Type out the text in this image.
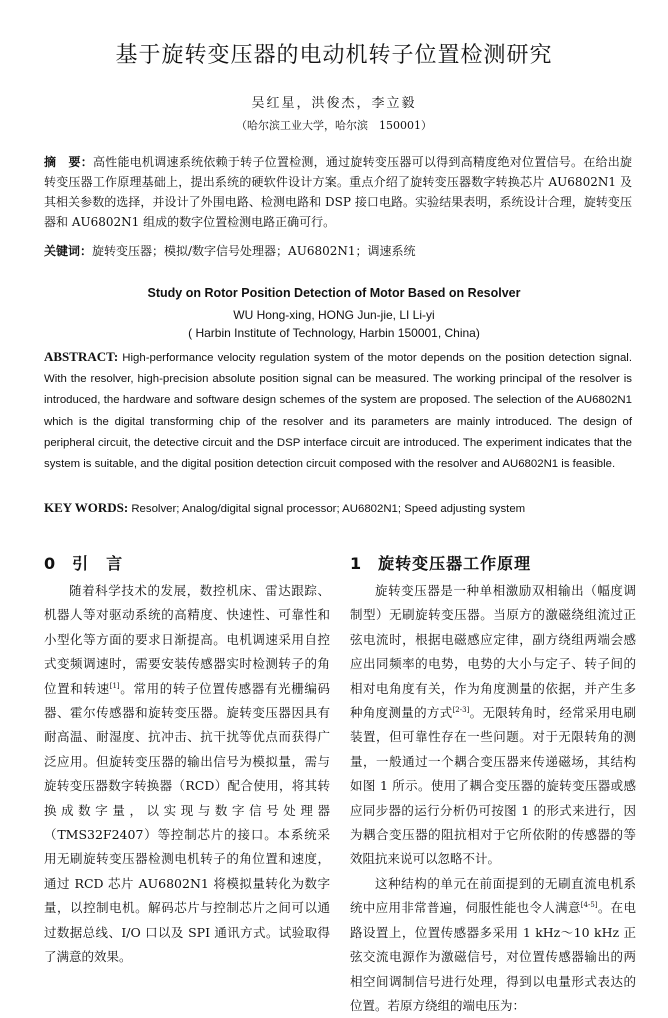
基于旋转变压器的电动机转子位置检测研究
吴红星，洪俊杰，李立毅
（哈尔滨工业大学，哈尔滨　150001）
摘　要：高性能电机调速系统依赖于转子位置检测，通过旋转变压器可以得到高精度绝对位置信号。在给出旋转变压器工作原理基础上，提出系统的硬软件设计方案。重点介绍了旋转变压器数字转换芯片 AU6802N1 及其相关参数的选择，并设计了外围电路、检测电路和 DSP 接口电路。实验结果表明，系统设计合理，旋转变压器和 AU6802N1 组成的数字位置检测电路正确可行。
关键词：旋转变压器；模拟/数字信号处理器；AU6802N1；调速系统
Study on Rotor Position Detection of Motor Based on Resolver
WU Hong-xing, HONG Jun-jie, LI Li-yi
( Harbin Institute of Technology, Harbin 150001, China)
ABSTRACT: High-performance velocity regulation system of the motor depends on the position detection signal. With the resolver, high-precision absolute position signal can be measured. The working principal of the resolver is introduced, the hardware and software design schemes of the system are proposed. The selection of the AU6802N1 which is the digital transforming chip of the resolver and its parameters are mainly introduced. The design of peripheral circuit, the detective circuit and the DSP interface circuit are introduced. The experiment indicates that the system is suitable, and the digital position detection circuit composed with the resolver and AU6802N1 is feasible.
KEY WORDS: Resolver; Analog/digital signal processor; AU6802N1; Speed adjusting system
0 引　言	1 旋转变压器工作原理

随着科学技术的发展，数控机床、雷达跟踪、机器人等对驱动系统的高精度、快速性、可靠性和小型化等方面的要求日渐提高。电机调速采用自控式变频调速时，需要安装传感器实时检测转子的角位置和转速[1]。常用的转子位置传感器有光栅编码器、霍尔传感器和旋转变压器。旋转变压器因具有耐高温、耐湿度、抗冲击、抗干扰等优点而获得广泛应用。但旋转变压器的输出信号为模拟量，需与旋转变压器数字转换器（RCD）配合使用，将其转换成数字量，以实现与数字信号处理器（TMS32F2407）等控制芯片的接口。本系统采用无刷旋转变压器检测电机转子的角位置和速度，通过 RCD 芯片 AU6802N1 将模拟量转化为数字量，以控制电机。解码芯片与控制芯片之间可以通过数据总线、I/O 口以及 SPI 通讯方式。试验取得了满意的效果。

旋转变压器是一种单相激励双相输出（幅度调制型）无刷旋转变压器。当原方的激磁绕组流过正弦电流时，根据电磁感应定律，副方绕组两端会感应出同频率的电势，电势的大小与定子、转子间的相对电角度有关，作为角度测量的依据，并产生多种角度测量的方式[2-3]。无限转角时，经常采用电刷装置，但可靠性存在一些问题。对于无限转角的测量，一般通过一个耦合变压器来传递磁场，其结构如图 1 所示。使用了耦合变压器的旋转变压器或感应同步器的运行分析仍可按图 1 的形式来进行，因为耦合变压器的阻抗相对于它所依附的传感器的等效阻抗来说可以忽略不计。

这种结构的单元在前面提到的无刷直流电机系统中应用非常普遍，伺服性能也令人满意[4-5]。在电路设置上，位置传感器多采用 1 kHz～10 kHz 正弦交流电源作为激磁信号，对位置传感器输出的两相空间调制信号进行处理，得到以电量形式表达的位置。若原方绕组的端电压为：
